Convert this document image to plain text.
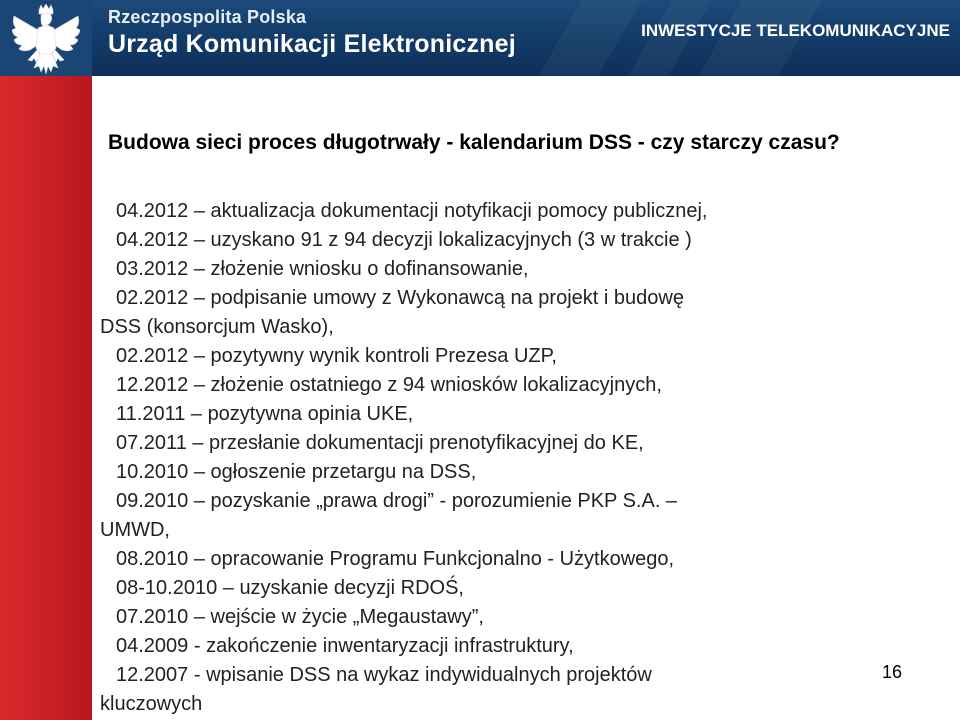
Rzeczpospolita Polska
Urząd Komunikacji Elektronicznej	INWESTYCJE TELEKOMUNIKACYJNE
Budowa sieci proces długotrwały - kalendarium DSS - czy starczy czasu?
04.2012 – aktualizacja dokumentacji notyfikacji pomocy publicznej,
04.2012 – uzyskano 91 z 94 decyzji lokalizacyjnych (3 w trakcie )
03.2012 – złożenie wniosku o dofinansowanie,
02.2012 – podpisanie umowy z Wykonawcą na projekt i budowę
DSS (konsorcjum Wasko),
02.2012 – pozytywny wynik kontroli Prezesa UZP,
12.2012 – złożenie ostatniego z 94 wniosków lokalizacyjnych,
11.2011 – pozytywna opinia UKE,
07.2011 – przesłanie dokumentacji prenotyfikacyjnej do KE,
10.2010 – ogłoszenie przetargu na DSS,
09.2010 – pozyskanie „prawa drogi” - porozumienie PKP S.A. –
UMWD,
08.2010 – opracowanie Programu Funkcjonalno - Użytkowego,
08-10.2010 – uzyskanie decyzji RDOŚ,
07.2010 – wejście w życie „Megaustawy”,
04.2009 - zakończenie inwentaryzacji infrastruktury,
12.2007 - wpisanie DSS na wykaz indywidualnych projektów
kluczowych
16
